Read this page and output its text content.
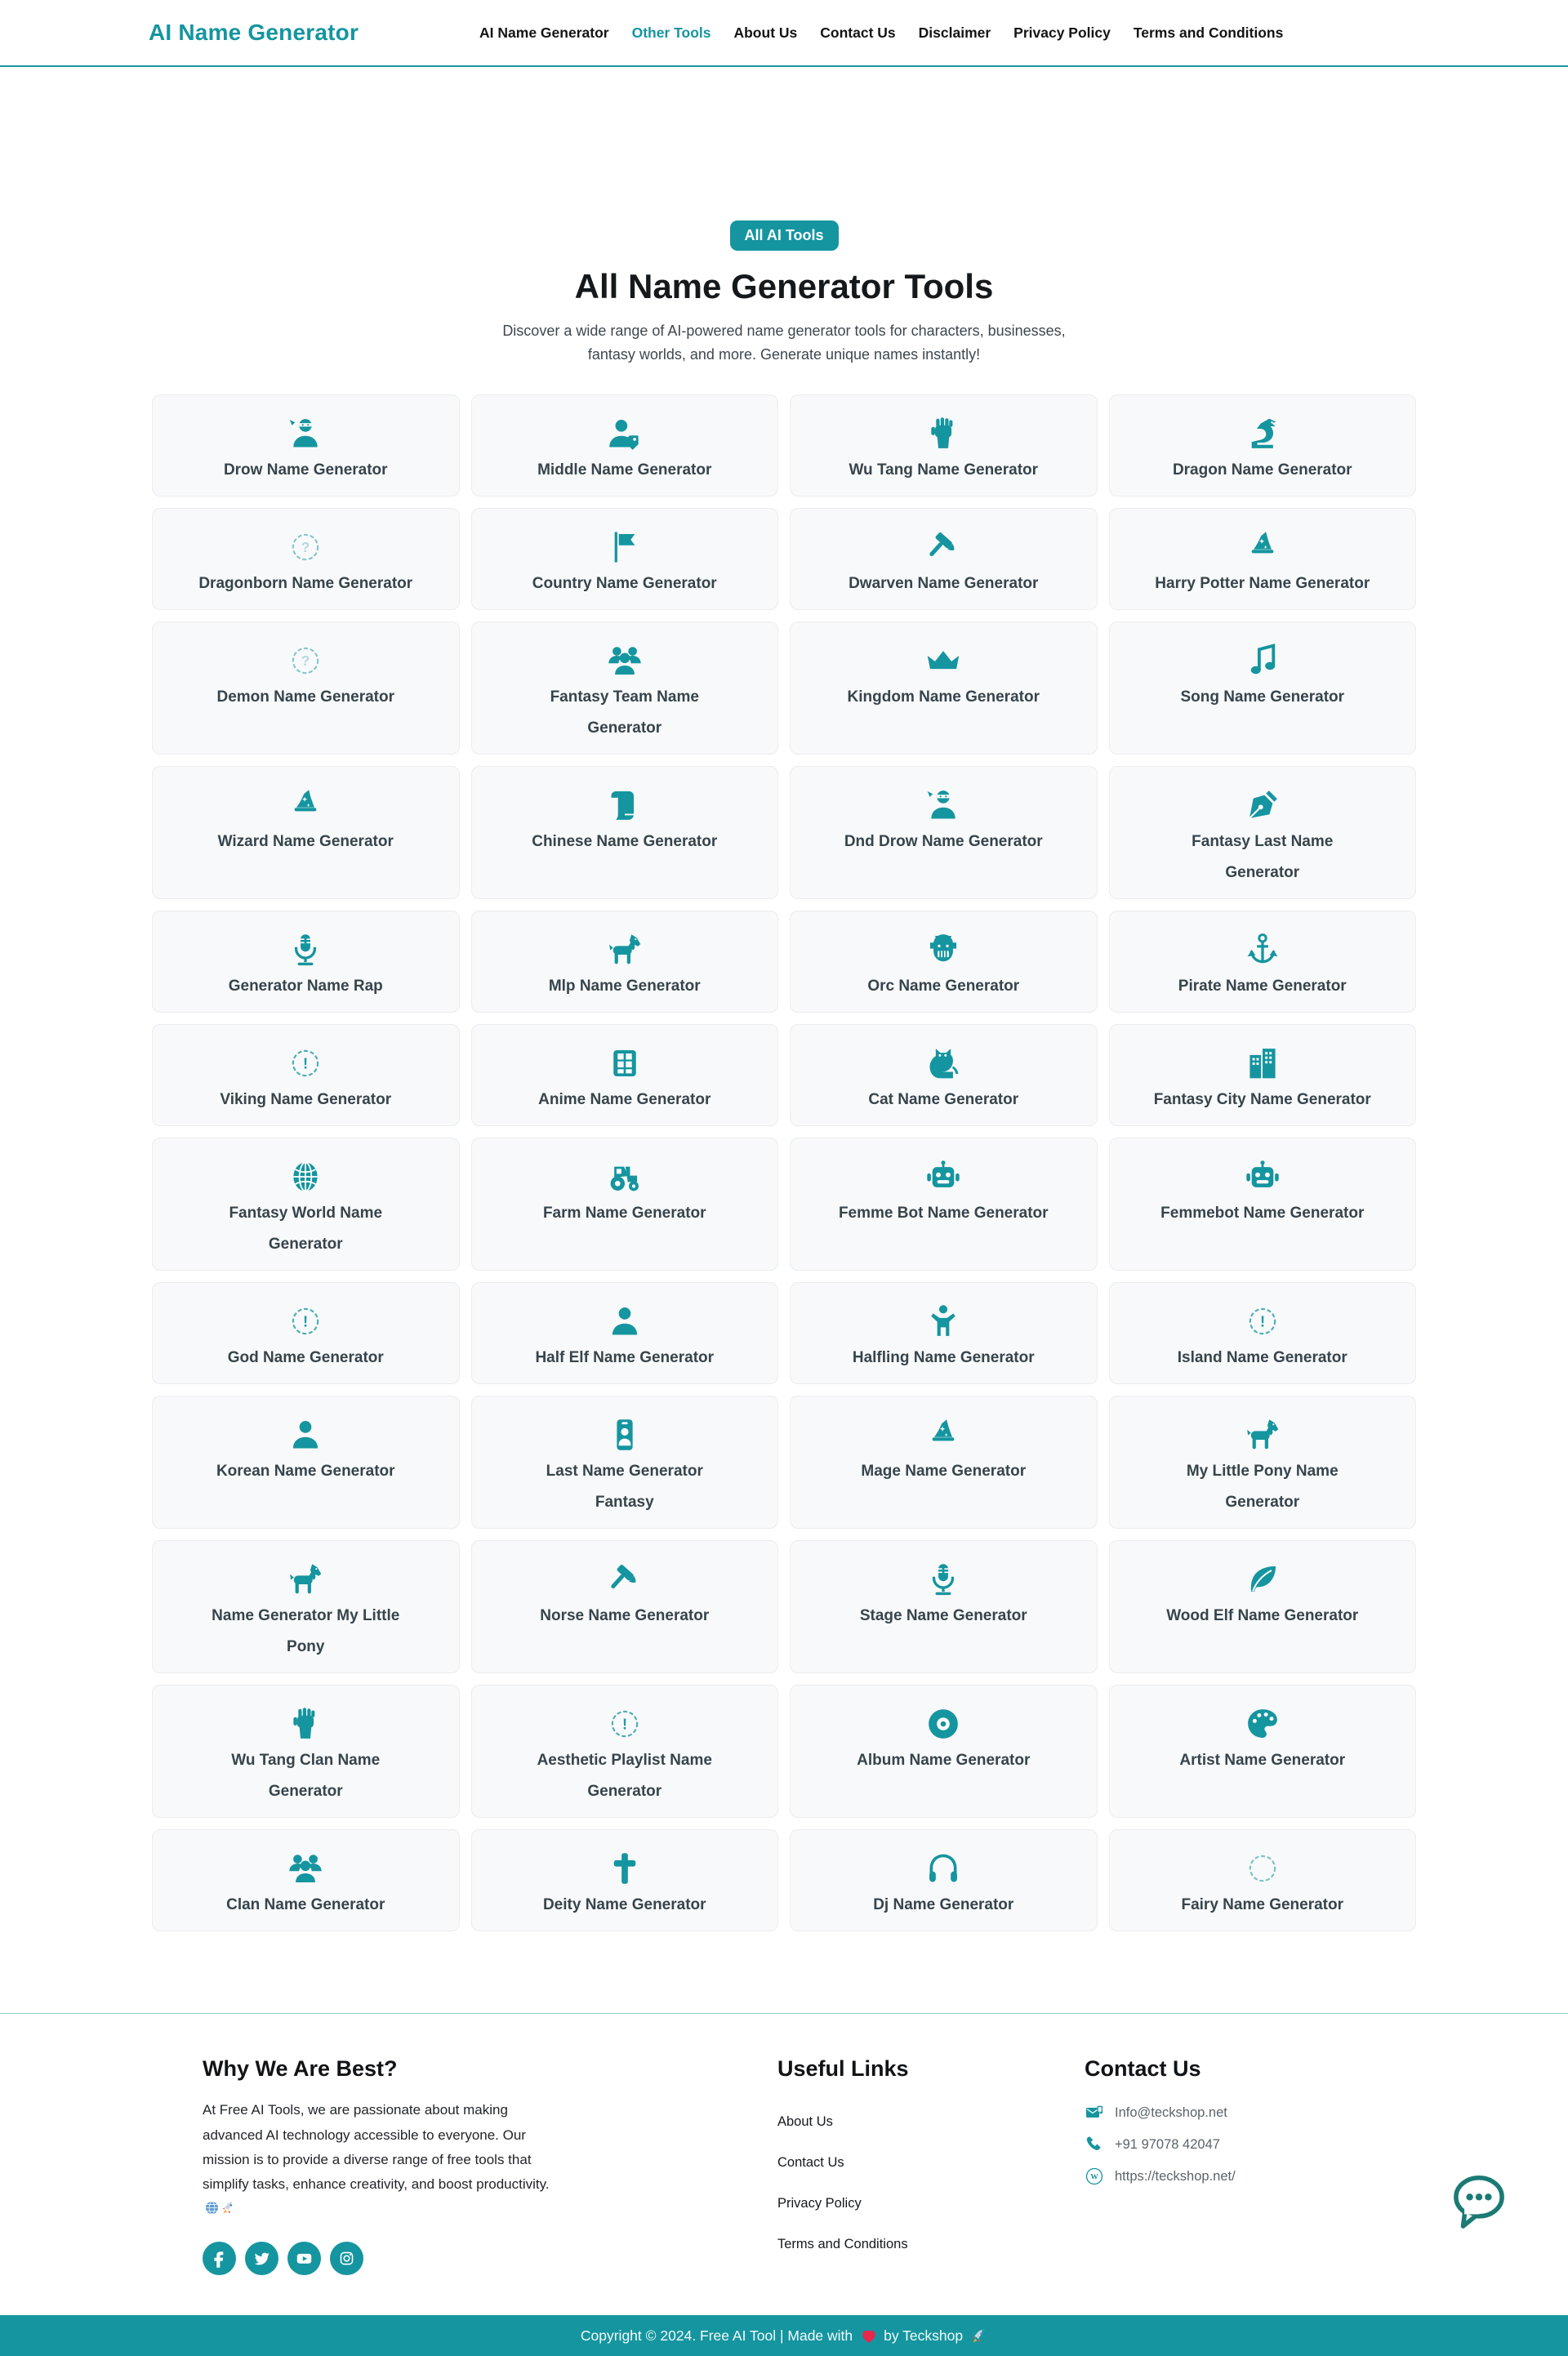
AI Name Generator	AI Name Generator Other Tools About Us Contact Us Disclaimer Privacy Policy Terms and Conditions
All AI Tools
All Name Generator Tools

Discover a wide range of AI-powered name generator tools for characters, businesses, fantasy worlds, and more. Generate unique names instantly!

Drow Name Generator	Middle Name Generator	Wu Tang Name Generator	Dragon Name Generator
?
Dragonborn Name Generator	Country Name Generator	Dwarven Name Generator	Harry Potter Name Generator
?
Demon Name Generator	Fantasy Team Name Generator
Kingdom Name Generator	Song Name Generator
Wizard Name Generator	Chinese Name Generator	Dnd Drow Name Generator	Fantasy Last Name Generator
Generator Name Rap	Mlp Name Generator	Orc Name Generator	Pirate Name Generator
!
Viking Name Generator	Anime Name Generator	Cat Name Generator	Fantasy City Name Generator
Fantasy World Name Generator
Farm Name Generator	Femme Bot Name Generator	Femmebot Name Generator
!
God Name Generator	Half Elf Name Generator	Halfling Name Generator
!
Island Name Generator
Korean Name Generator	Last Name Generator Fantasy
Mage Name Generator	My Little Pony Name Generator
Name Generator My Little Pony
Norse Name Generator	Stage Name Generator	Wood Elf Name Generator
Wu Tang Clan Name Generator
!
Aesthetic Playlist Name Generator
Album Name Generator	Artist Name Generator
Clan Name Generator	Deity Name Generator	Dj Name Generator	Fairy Name Generator
Why We Are Best?

At Free AI Tools, we are passionate about making advanced AI technology accessible to everyone. Our mission is to provide a diverse range of free tools that simplify tasks, enhance creativity, and boost productivity.

Useful Links
About Us
Contact Us
Privacy Policy
Terms and Conditions
Contact Us
Info@teckshop.net
+91 97078 42047
W https://teckshop.net/
Copyright © 2024. Free AI Tool | Made with by Teckshop
